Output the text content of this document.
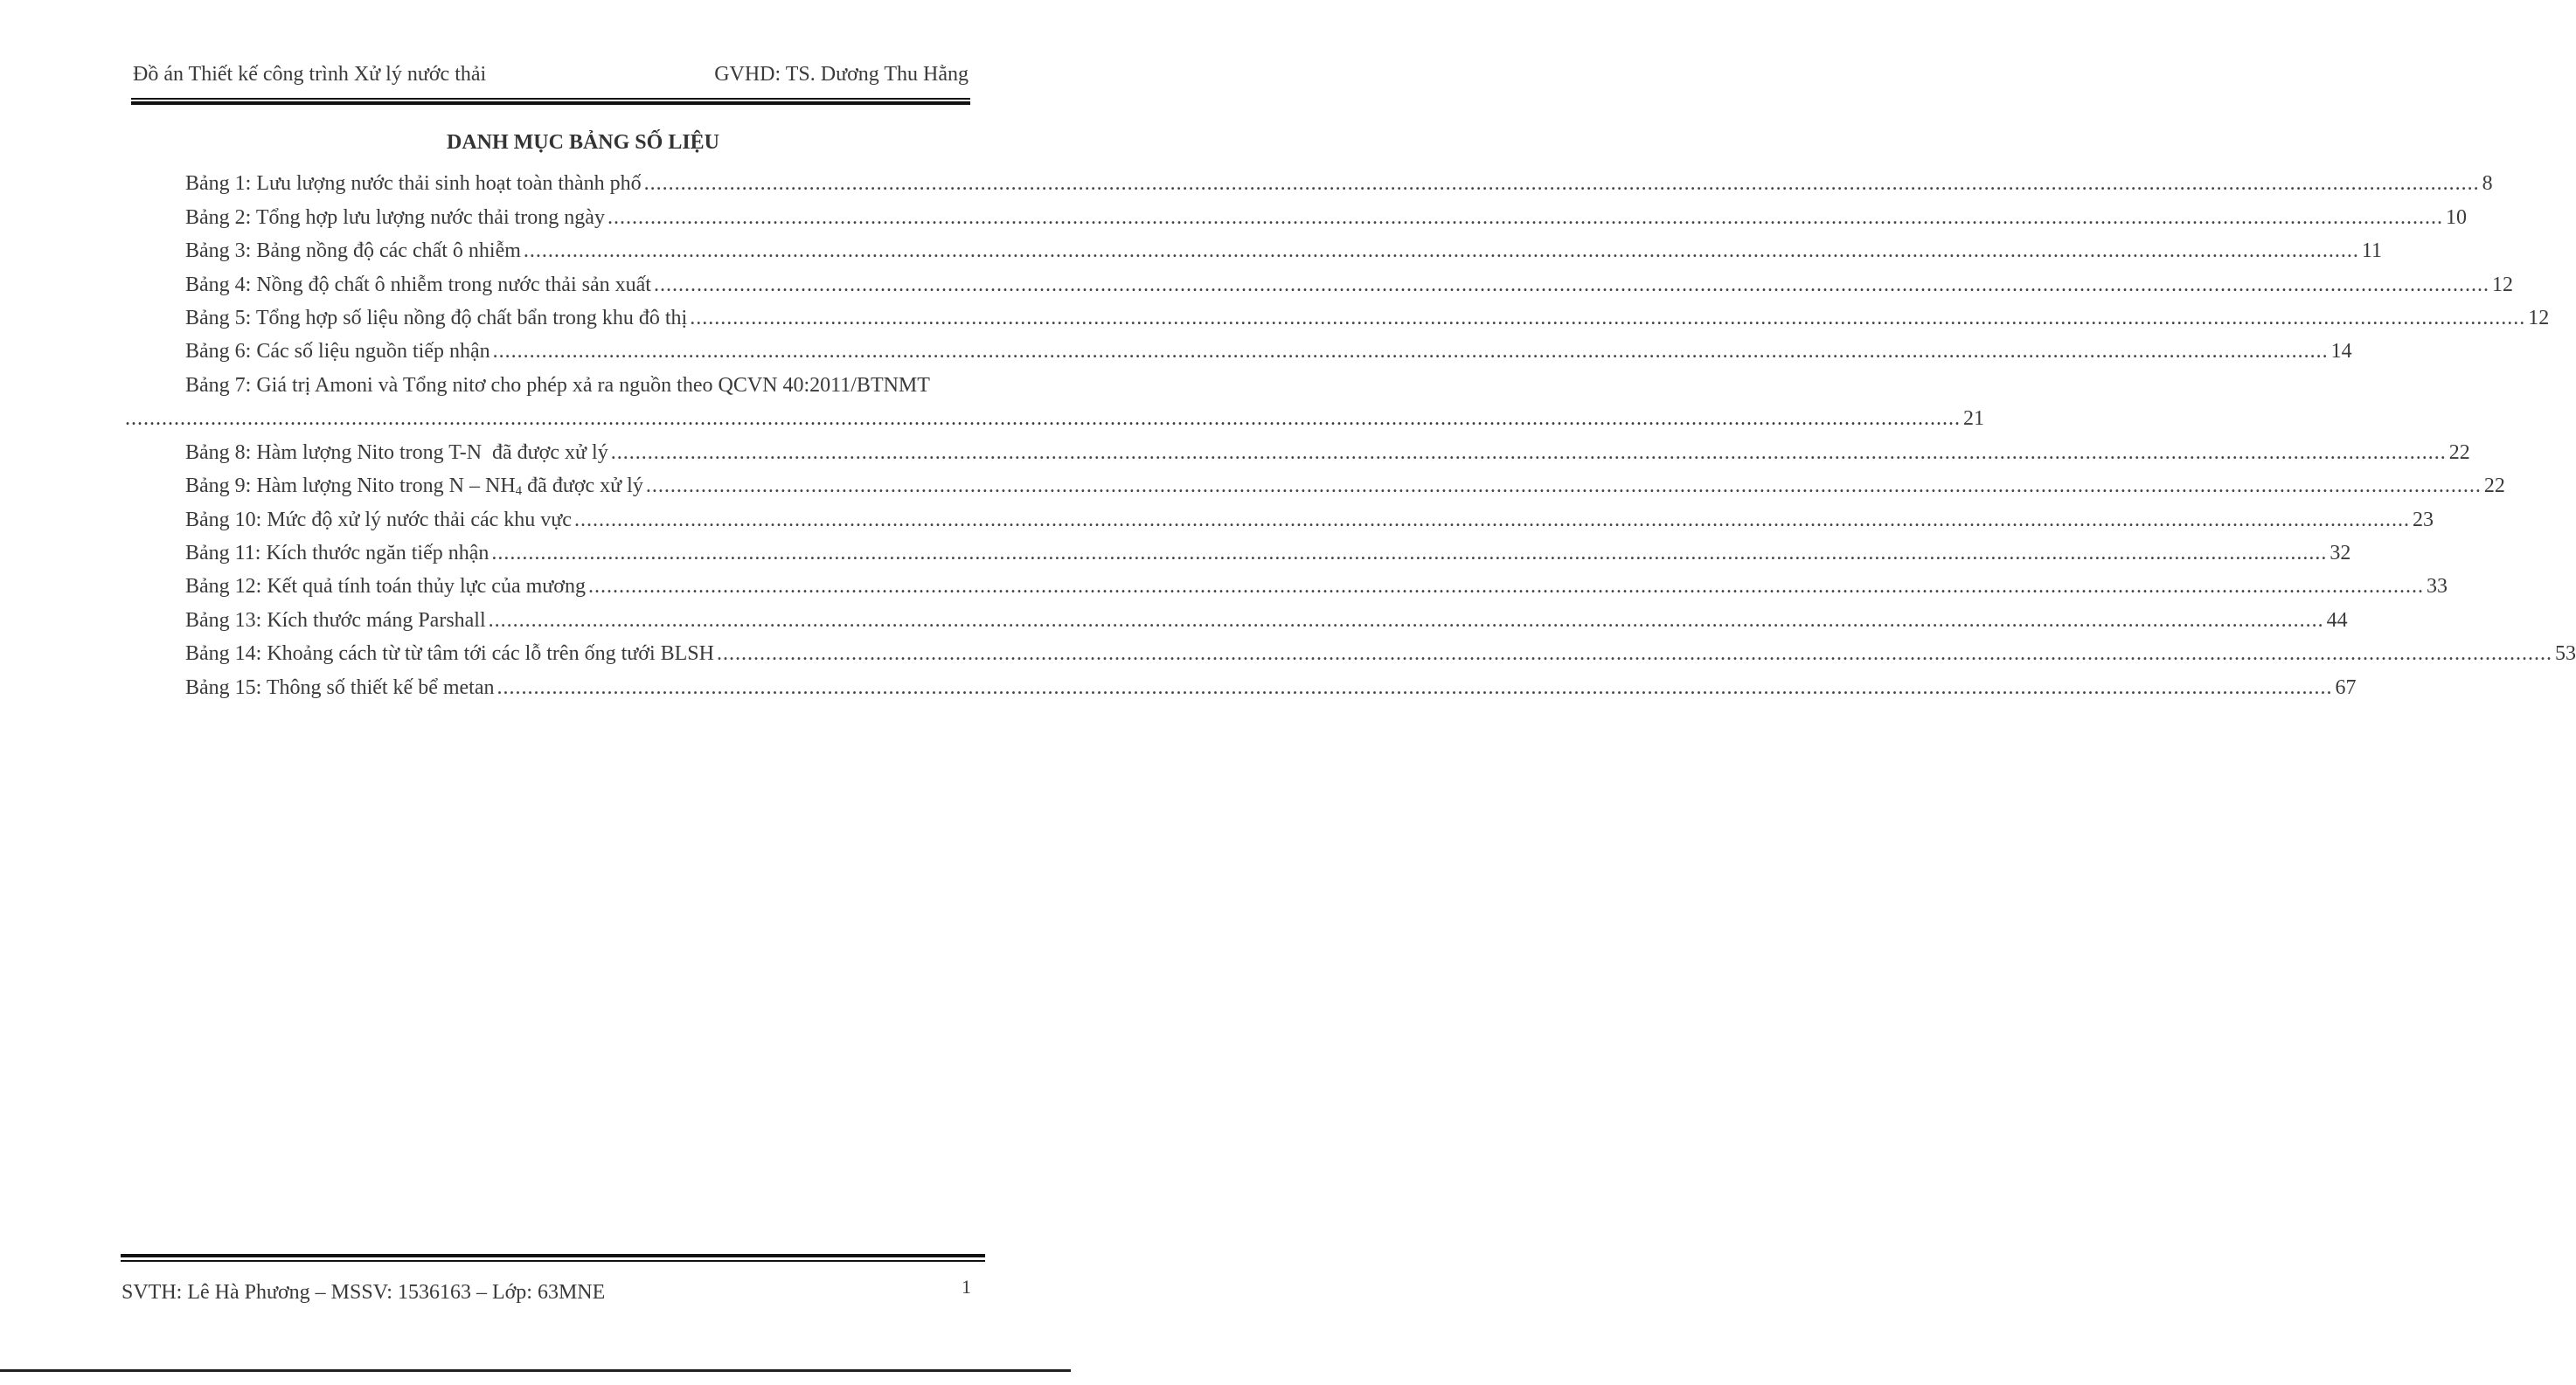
Đồ án Thiết kế công trình Xử lý nước thải	GVHD: TS. Dương Thu Hằng
DANH MỤC BẢNG SỐ LIỆU
Bảng 1: Lưu lượng nước thải sinh hoạt toàn thành phố ............................................................................................................................................................................................................................................................................................................ 8
Bảng 2: Tổng hợp lưu lượng nước thải trong ngày ............................................................................................................................................................................................................................................................................................................ 10
Bảng 3: Bảng nồng độ các chất ô nhiễm ............................................................................................................................................................................................................................................................................................................ 11
Bảng 4: Nồng độ chất ô nhiễm trong nước thải sản xuất ............................................................................................................................................................................................................................................................................................................ 12
Bảng 5: Tổng hợp số liệu nồng độ chất bẩn trong khu đô thị ............................................................................................................................................................................................................................................................................................................ 12
Bảng 6: Các số liệu nguồn tiếp nhận ............................................................................................................................................................................................................................................................................................................ 14
Bảng 7: Giá trị Amoni và Tổng nitơ cho phép xả ra nguồn theo QCVN 40:2011/BTNMT
............................................................................................................................................................................................................................................................................................................ 21
Bảng 8: Hàm lượng Nito trong T-N  đã được xử lý ............................................................................................................................................................................................................................................................................................................ 22
Bảng 9: Hàm lượng Nito trong N – $NH_4$ đã được xử lý ............................................................................................................................................................................................................................................................................................................ 22
Bảng 10: Mức độ xử lý nước thải các khu vực ............................................................................................................................................................................................................................................................................................................ 23
Bảng 11: Kích thước ngăn tiếp nhận ............................................................................................................................................................................................................................................................................................................ 32
Bảng 12: Kết quả tính toán thủy lực của mương ............................................................................................................................................................................................................................................................................................................ 33
Bảng 13: Kích thước máng Parshall ............................................................................................................................................................................................................................................................................................................ 44
Bảng 14: Khoảng cách từ từ tâm tới các lỗ trên ống tưới BLSH ............................................................................................................................................................................................................................................................................................................ 53
Bảng 15: Thông số thiết kế bể metan ............................................................................................................................................................................................................................................................................................................ 67
SVTH: Lê Hà Phương – MSSV: 1536163 – Lớp: 63MNE	1
